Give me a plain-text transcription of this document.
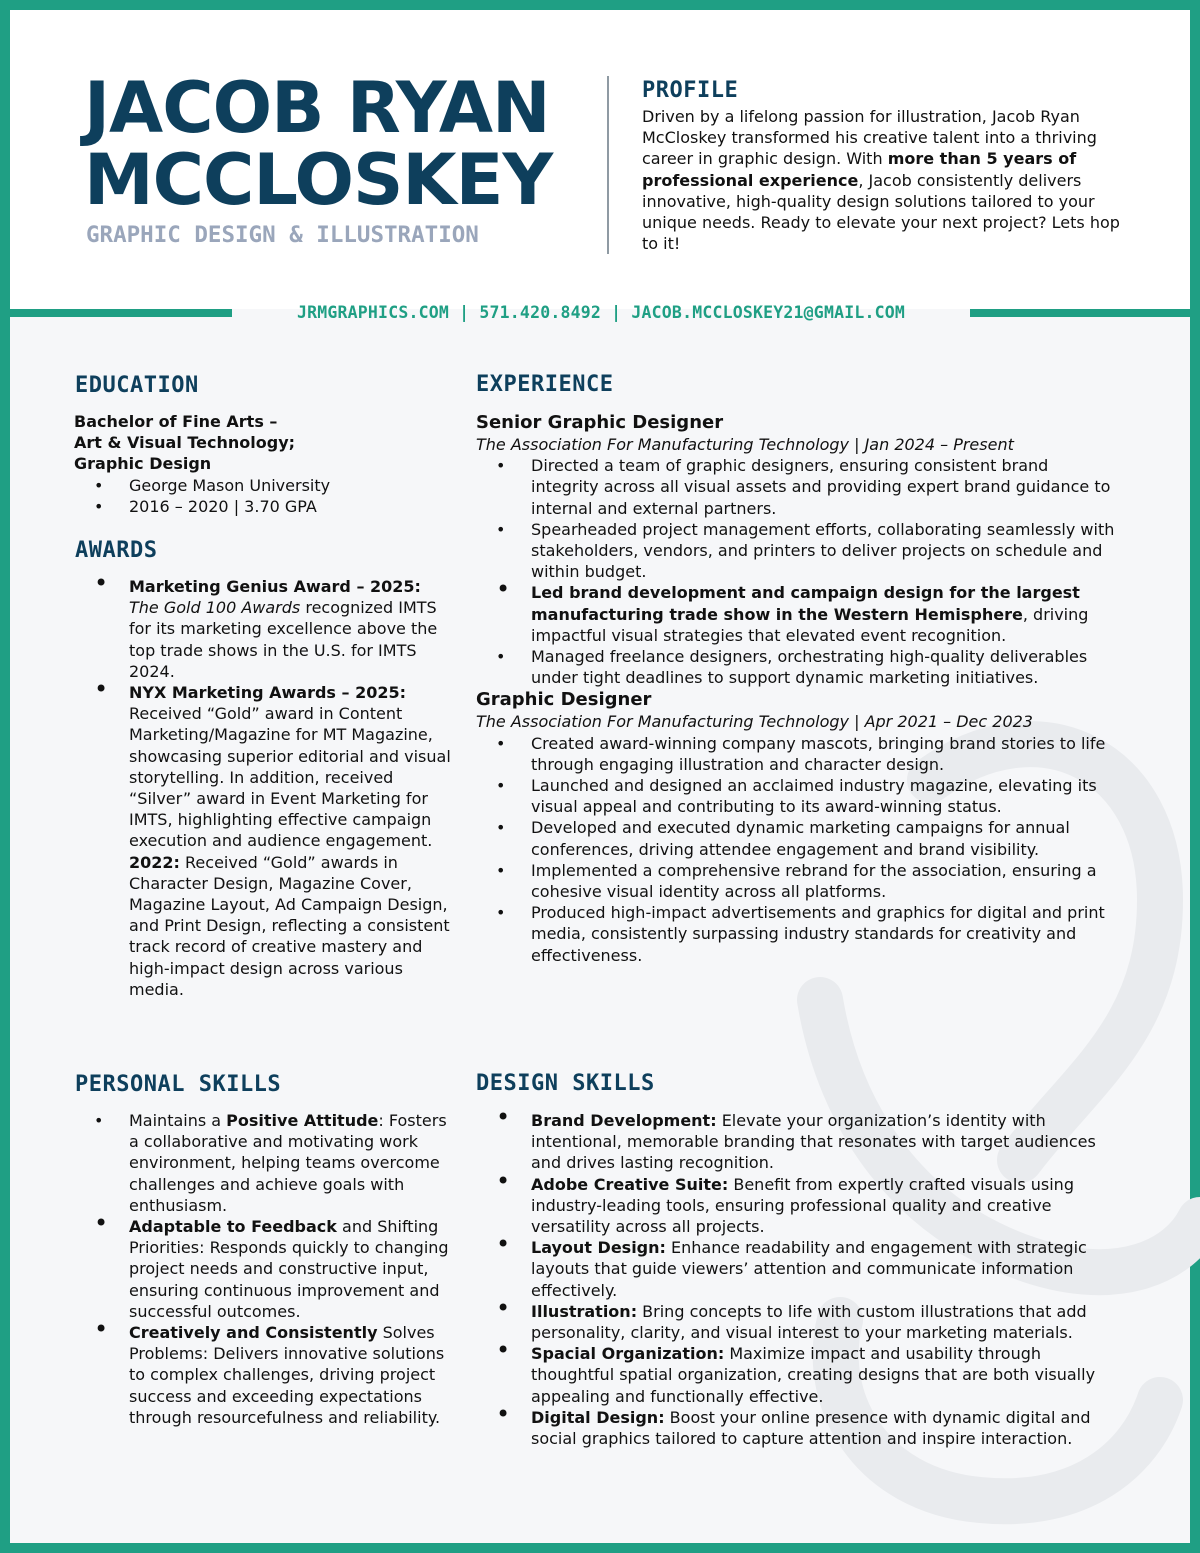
JRMGRAPHICS.COM | 571.420.8492 | JACOB.MCCLOSKEY21@GMAIL.COM
JACOB RYAN
MCCLOSKEY
GRAPHIC DESIGN & ILLUSTRATION
PROFILE
Driven by a lifelong passion for illustration, Jacob Ryan McCloskey transformed his creative talent into a thriving career in graphic design. With more than 5 years of professional experience, Jacob consistently delivers innovative, high-quality design solutions tailored to your unique needs. Ready to elevate your next project? Lets hop to it!
EDUCATION
Bachelor of Fine Arts –
Art & Visual Technology;
Graphic Design
• George Mason University
• 2016 – 2020 | 3.70 GPA
AWARDS
• Marketing Genius Award – 2025: The Gold 100 Awards recognized IMTS for its marketing excellence above the top trade shows in the U.S. for IMTS 2024.
• NYX Marketing Awards – 2025: Received “Gold” award in Content Marketing/Magazine for MT Magazine, showcasing superior editorial and visual storytelling. In addition, received “Silver” award in Event Marketing for IMTS, highlighting effective campaign execution and audience engagement.
2022: Received “Gold” awards in Character Design, Magazine Cover, Magazine Layout, Ad Campaign Design, and Print Design, reflecting a consistent track record of creative mastery and high-impact design across various media.
PERSONAL SKILLS
• Maintains a Positive Attitude: Fosters a collaborative and motivating work environment, helping teams overcome challenges and achieve goals with enthusiasm.
• Adaptable to Feedback and Shifting Priorities: Responds quickly to changing project needs and constructive input, ensuring continuous improvement and successful outcomes.
• Creatively and Consistently Solves Problems: Delivers innovative solutions to complex challenges, driving project success and exceeding expectations through resourcefulness and reliability.
EXPERIENCE
Senior Graphic Designer
The Association For Manufacturing Technology | Jan 2024 – Present
• Directed a team of graphic designers, ensuring consistent brand integrity across all visual assets and providing expert brand guidance to internal and external partners.
• Spearheaded project management efforts, collaborating seamlessly with stakeholders, vendors, and printers to deliver projects on schedule and within budget.
• Led brand development and campaign design for the largest manufacturing trade show in the Western Hemisphere, driving impactful visual strategies that elevated event recognition.
• Managed freelance designers, orchestrating high-quality deliverables under tight deadlines to support dynamic marketing initiatives.
Graphic Designer
The Association For Manufacturing Technology | Apr 2021 – Dec 2023
• Created award-winning company mascots, bringing brand stories to life through engaging illustration and character design.
• Launched and designed an acclaimed industry magazine, elevating its visual appeal and contributing to its award-winning status.
• Developed and executed dynamic marketing campaigns for annual conferences, driving attendee engagement and brand visibility.
• Implemented a comprehensive rebrand for the association, ensuring a cohesive visual identity across all platforms.
• Produced high-impact advertisements and graphics for digital and print media, consistently surpassing industry standards for creativity and effectiveness.
DESIGN SKILLS
• Brand Development: Elevate your organization’s identity with intentional, memorable branding that resonates with target audiences and drives lasting recognition.
• Adobe Creative Suite: Benefit from expertly crafted visuals using industry-leading tools, ensuring professional quality and creative versatility across all projects.
• Layout Design: Enhance readability and engagement with strategic layouts that guide viewers’ attention and communicate information effectively.
• Illustration: Bring concepts to life with custom illustrations that add personality, clarity, and visual interest to your marketing materials.
• Spacial Organization: Maximize impact and usability through thoughtful spatial organization, creating designs that are both visually appealing and functionally effective.
• Digital Design: Boost your online presence with dynamic digital and social graphics tailored to capture attention and inspire interaction.
